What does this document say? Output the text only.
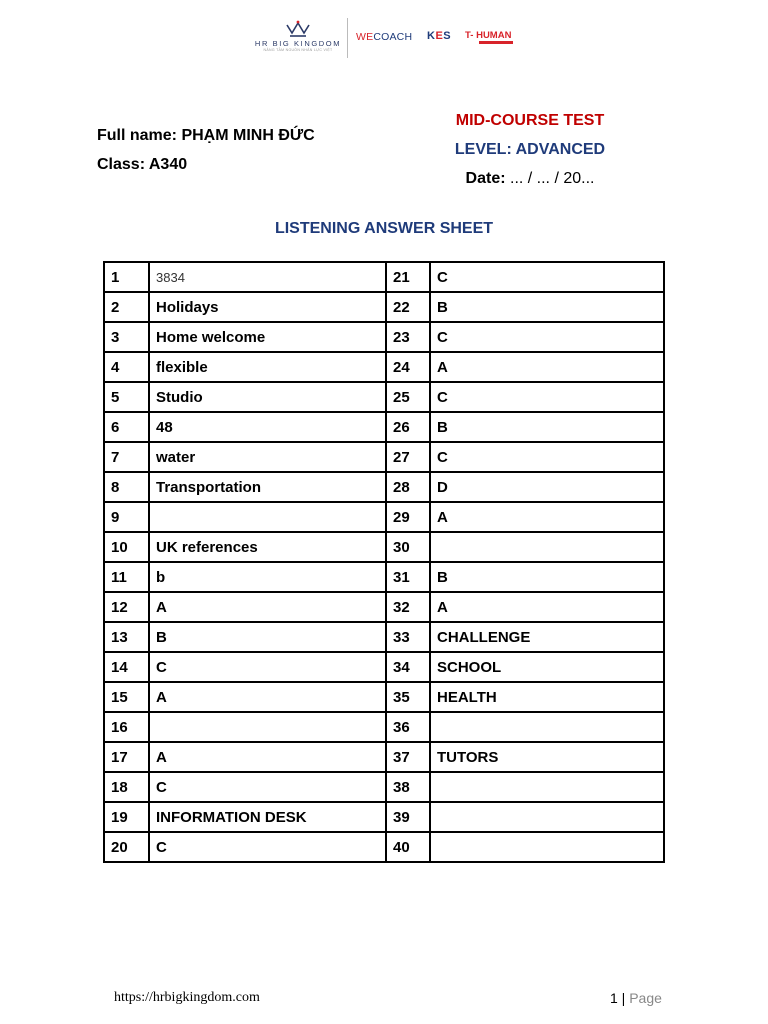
HR BIG KINGDOM
NÂNG TẦM NGUỒN NHÂN LỰC VIỆT
WECOACH KES T- HUMAN
Full name: PHẠM MINH ĐỨC
Class: A340
MID-COURSE TEST
LEVEL: ADVANCED
Date: ... / ... / 20...
LISTENING ANSWER SHEET
1	3834	21	C
2	Holidays	22	B
3	Home welcome	23	C
4	flexible	24	A
5	Studio	25	C
6	48	26	B
7	water	27	C
8	Transportation	28	D
9		29	A
10	UK references	30	
11	b	31	B
12	A	32	A
13	B	33	CHALLENGE
14	C	34	SCHOOL
15	A	35	HEALTH
16		36	
17	A	37	TUTORS
18	C	38	
19	INFORMATION DESK	39	
20	C	40	
https://hrbigkingdom.com	1 | Page
